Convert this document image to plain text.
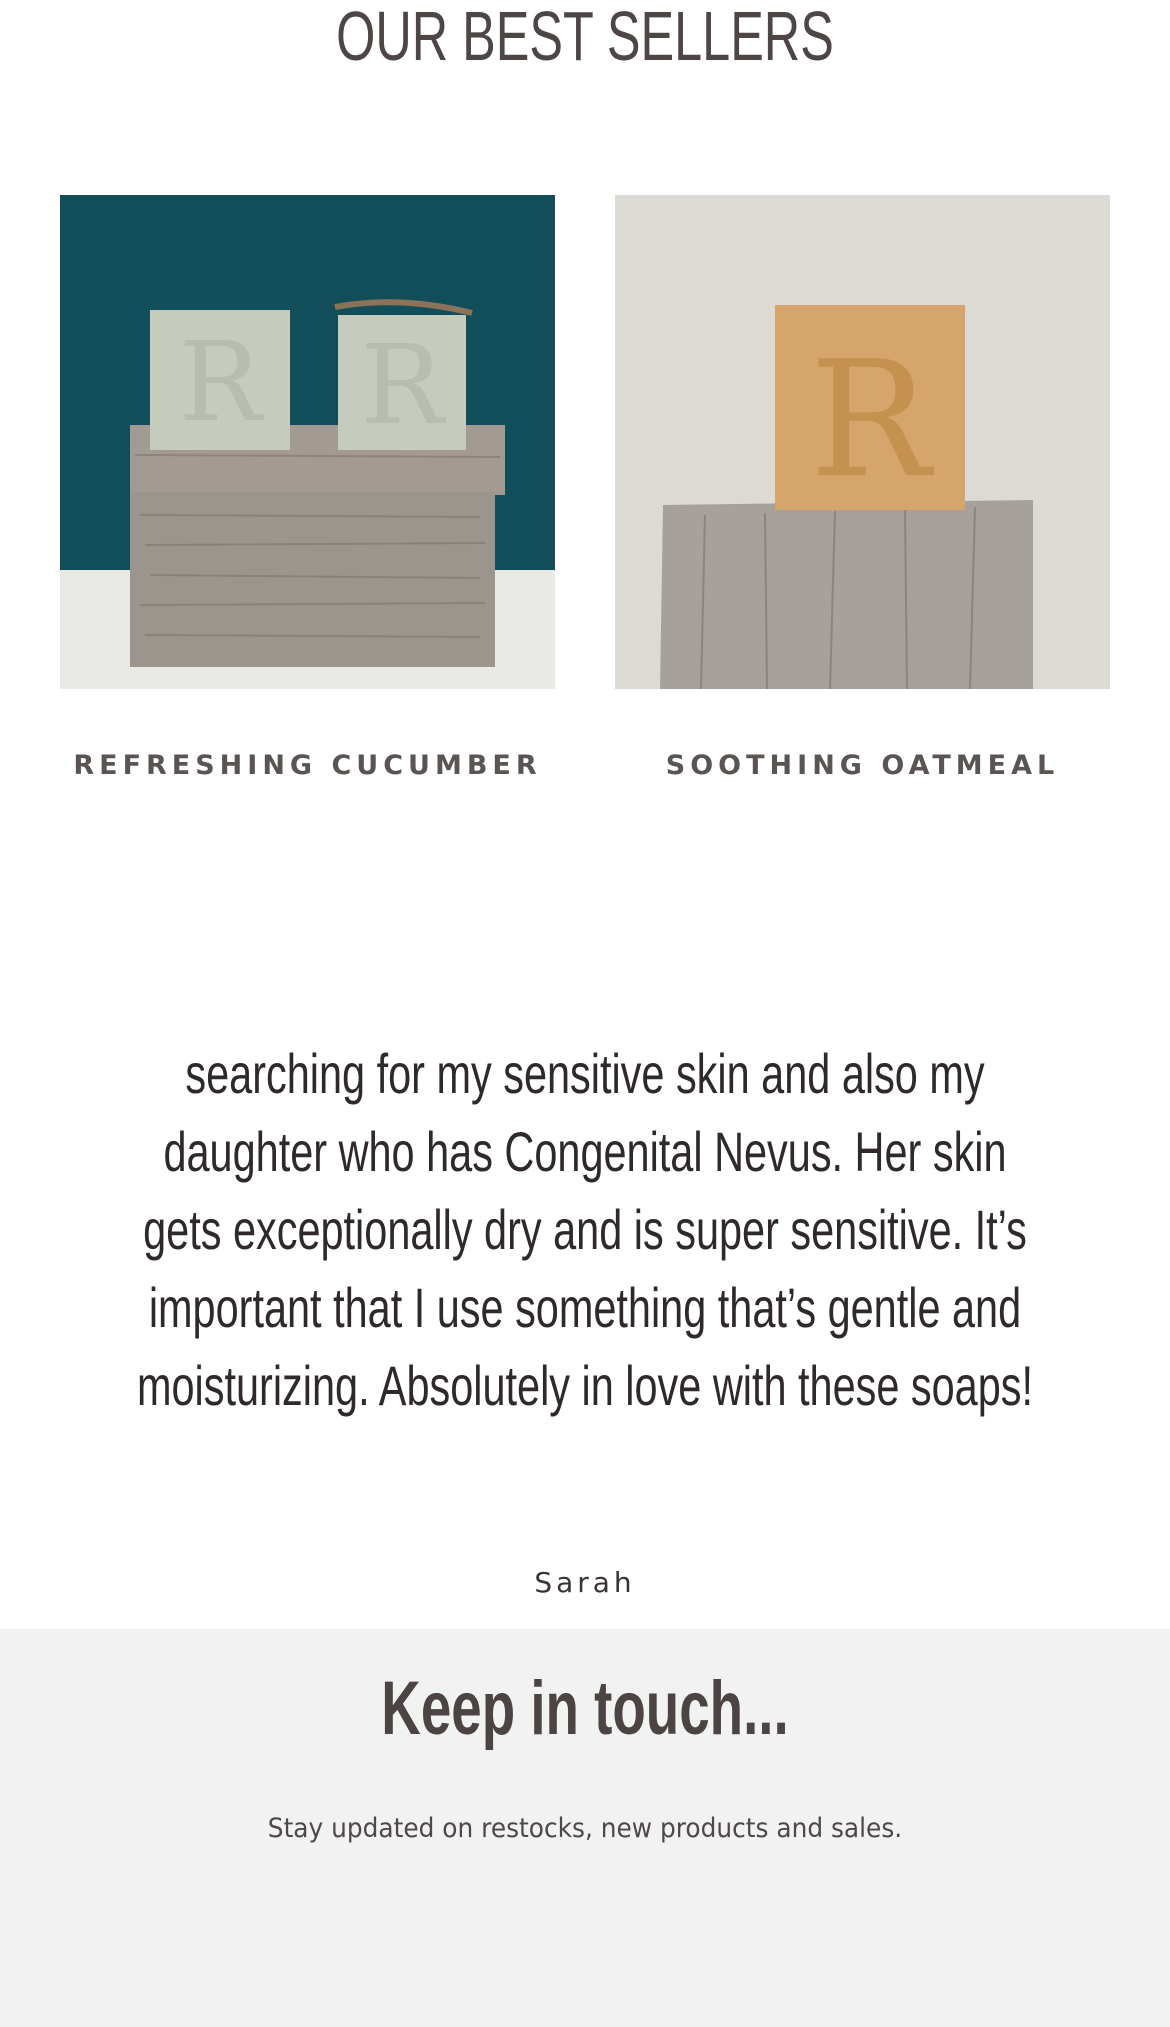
OUR BEST SELLERS
R R
REFRESHING CUCUMBER
R
SOOTHING OATMEAL

searching for my sensitive skin and also my daughter who has Congenital Nevus. Her skin gets exceptionally dry and is super sensitive. It’s important that I use something that’s gentle and moisturizing. Absolutely in love with these soaps!

Sarah

Keep in touch...

Stay updated on restocks, new products and sales.
